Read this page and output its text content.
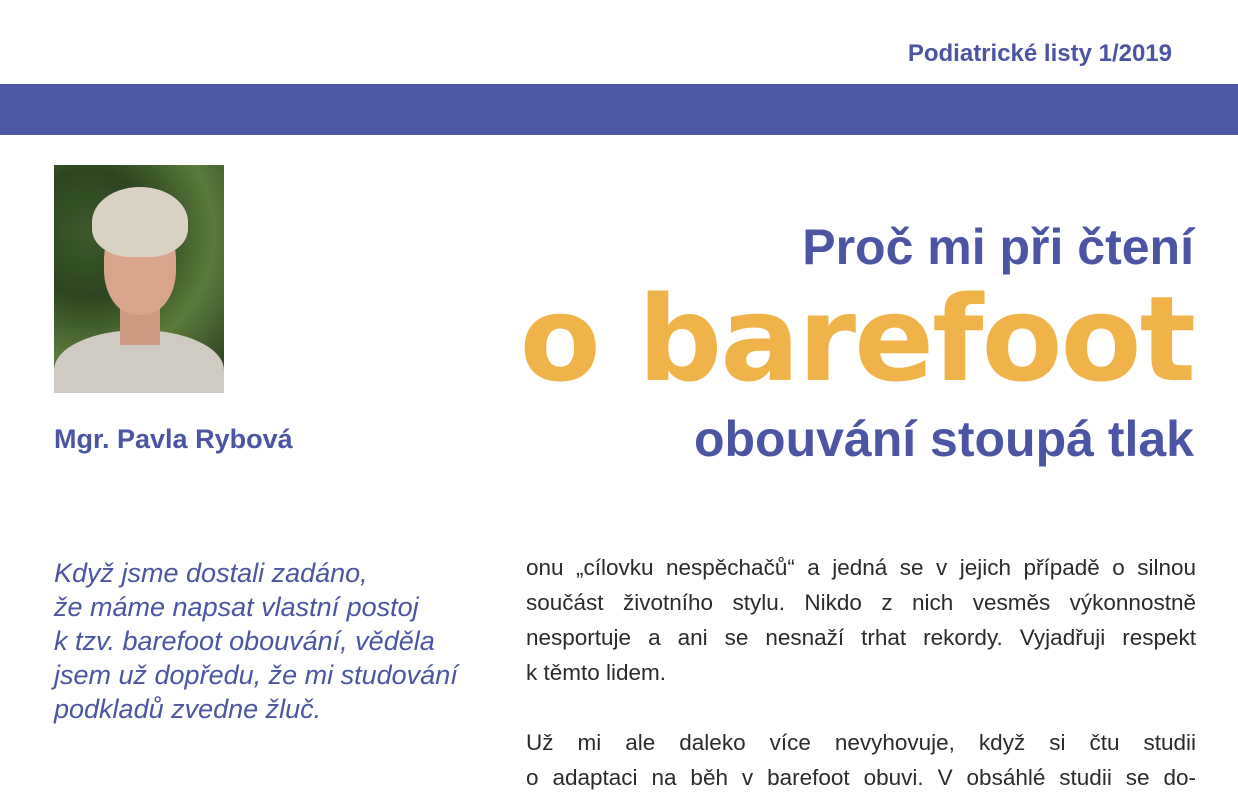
Podiatrické listy 1/2019
Mgr. Pavla Rybová
Proč mi při čtení
o barefoot
obouvání stoupá tlak
Když jsme dostali zadáno,
že máme napsat vlastní postoj
k tzv. barefoot obouvání, věděla
jsem už dopředu, že mi studování
podkladů zvedne žluč.
onu „cílovku nespěchačů“ a jedná se v jejich případě o silnou
součást životního stylu. Nikdo z nich vesměs výkonnostně
nesportuje a ani se nesnaží trhat rekordy. Vyjadřuji respekt
k těmto lidem.
Už mi ale daleko více nevyhovuje, když si čtu studii
o adaptaci na běh v barefoot obuvi. V obsáhlé studii se do-
